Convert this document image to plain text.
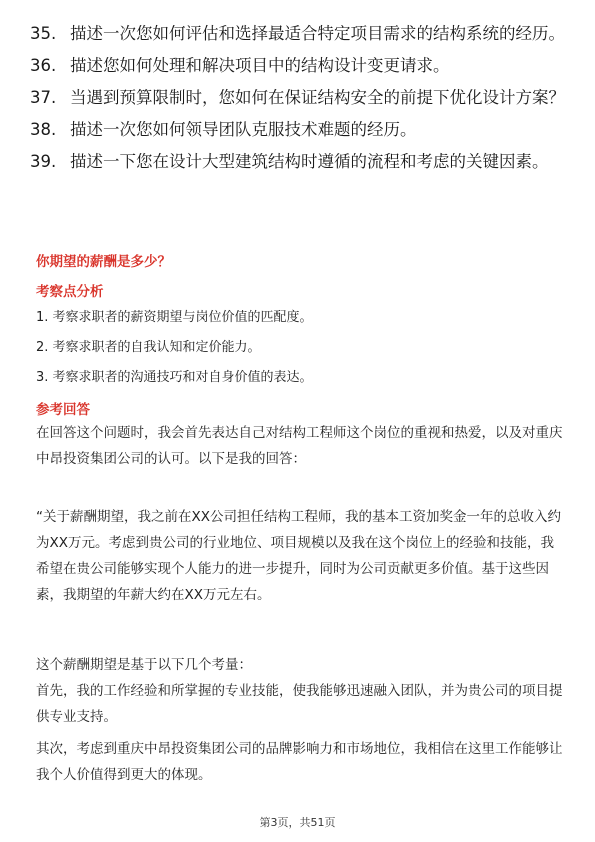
35. 描述一次您如何评估和选择最适合特定项目需求的结构系统的经历。
36. 描述您如何处理和解决项目中的结构设计变更请求。
37. 当遇到预算限制时，您如何在保证结构安全的前提下优化设计方案？
38. 描述一次您如何领导团队克服技术难题的经历。
39. 描述一下您在设计大型建筑结构时遵循的流程和考虑的关键因素。
你期望的薪酬是多少？
考察点分析
1. 考察求职者的薪资期望与岗位价值的匹配度。
2. 考察求职者的自我认知和定价能力。
3. 考察求职者的沟通技巧和对自身价值的表达。
参考回答
在回答这个问题时，我会首先表达自己对结构工程师这个岗位的重视和热爱，以及对重庆中昂投资集团公司的认可。以下是我的回答：
“关于薪酬期望，我之前在XX公司担任结构工程师，我的基本工资加奖金一年的总收入约为XX万元。考虑到贵公司的行业地位、项目规模以及我在这个岗位上的经验和技能，我希望在贵公司能够实现个人能力的进一步提升，同时为公司贡献更多价值。基于这些因素，我期望的年薪大约在XX万元左右。
这个薪酬期望是基于以下几个考量：
首先，我的工作经验和所掌握的专业技能，使我能够迅速融入团队，并为贵公司的项目提供专业支持。
其次，考虑到重庆中昂投资集团公司的品牌影响力和市场地位，我相信在这里工作能够让我个人价值得到更大的体现。
第3页，共51页
